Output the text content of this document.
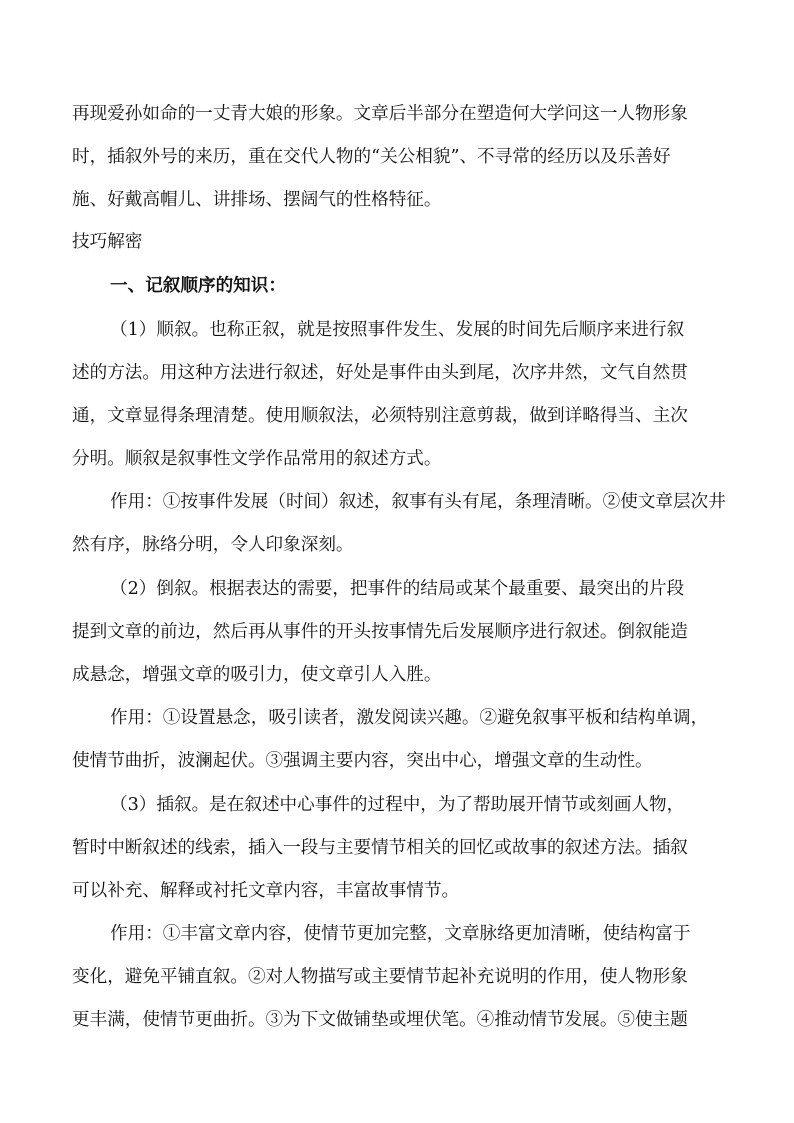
再现爱孙如命的一丈青大娘的形象。文章后半部分在塑造何大学问这一人物形象
时，插叙外号的来历，重在交代人物的“关公相貌”、不寻常的经历以及乐善好
施、好戴高帽儿、讲排场、摆阔气的性格特征。
技巧解密
一、记叙顺序的知识：
（1）顺叙。也称正叙，就是按照事件发生、发展的时间先后顺序来进行叙
述的方法。用这种方法进行叙述，好处是事件由头到尾，次序井然，文气自然贯
通，文章显得条理清楚。使用顺叙法，必须特别注意剪裁，做到详略得当、主次
分明。顺叙是叙事性文学作品常用的叙述方式。
作用：①按事件发展（时间）叙述，叙事有头有尾，条理清晰。②使文章层次井
然有序，脉络分明，令人印象深刻。
（2）倒叙。根据表达的需要，把事件的结局或某个最重要、最突出的片段
提到文章的前边，然后再从事件的开头按事情先后发展顺序进行叙述。倒叙能造
成悬念，增强文章的吸引力，使文章引人入胜。
作用：①设置悬念，吸引读者，激发阅读兴趣。②避免叙事平板和结构单调，
使情节曲折，波澜起伏。③强调主要内容，突出中心，增强文章的生动性。
（3）插叙。是在叙述中心事件的过程中，为了帮助展开情节或刻画人物，
暂时中断叙述的线索，插入一段与主要情节相关的回忆或故事的叙述方法。插叙
可以补充、解释或衬托文章内容，丰富故事情节。
作用：①丰富文章内容，使情节更加完整，文章脉络更加清晰，使结构富于
变化，避免平铺直叙。②对人物描写或主要情节起补充说明的作用，使人物形象
更丰满，使情节更曲折。③为下文做铺垫或埋伏笔。④推动情节发展。⑤使主题
